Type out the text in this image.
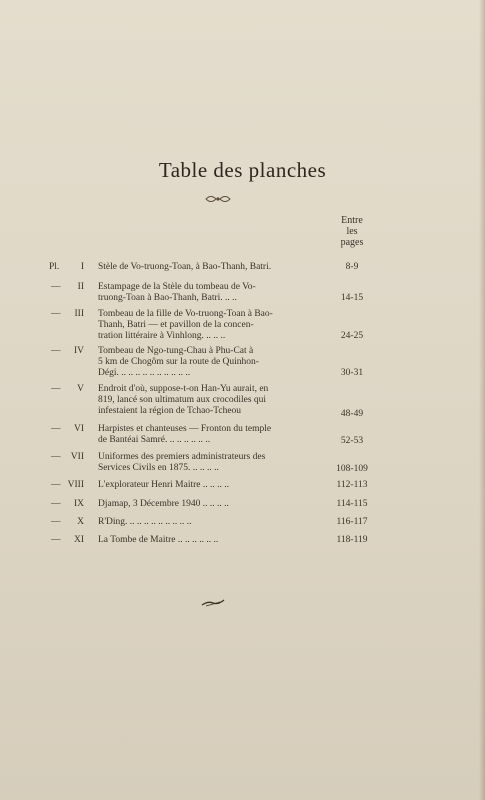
Table des planches
Entre
les
pages
Pl. I Stèle de Vo-truong-Toan, à Bao-Thanh, Batri.	8-9
— II Estampage de la Stèle du tombeau de Vo-
truong-Toan à Bao-Thanh, Batri. .. ..	14-15
— III Tombeau de la fille de Vo-truong-Toan à Bao-
Thanh, Batri — et pavillon de la concen-
tration littéraire à Vinhlong. .. .. ..	24-25
— IV Tombeau de Ngo-tung-Chau à Phu-Cat à
5 km de Chogôm sur la route de Quinhon-
Dégi. .. .. .. .. .. .. .. .. .. ..	30-31
— V Endroit d'où, suppose-t-on Han-Yu aurait, en
819, lancé son ultimatum aux crocodiles qui
infestaient la région de Tchao-Tcheou	48-49
— VI Harpistes et chanteuses — Fronton du temple
de Bantéai Samré. .. .. .. .. .. ..	52-53
— VII Uniformes des premiers administrateurs des
Services Civils en 1875. .. .. .. ..	108-109
— VIII L'explorateur Henri Maitre .. .. .. ..	112-113
— IX Djamap, 3 Décembre 1940 .. .. .. ..	114-115
— X R'Ding. .. .. .. .. .. .. .. .. ..	116-117
— XI La Tombe de Maitre .. .. .. .. .. ..	118-119
